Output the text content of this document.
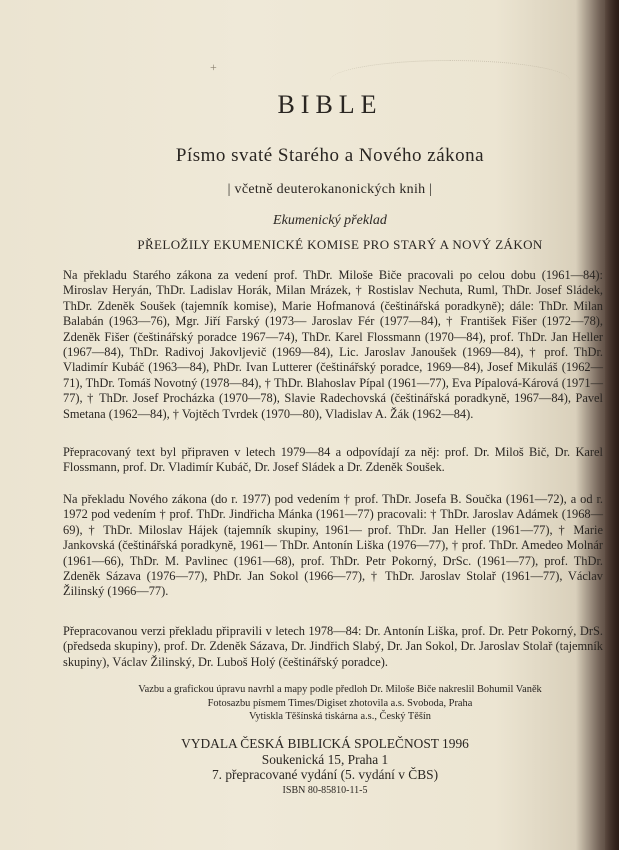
+
BIBLE
Písmo svaté Starého a Nového zákona
| včetně deuterokanonických knih |
Ekumenický překlad
PŘELOŽILY EKUMENICKÉ KOMISE PRO STARÝ A NOVÝ ZÁKON
Na překladu Starého zákona za vedení prof. ThDr. Miloše Biče pracovali po celou dobu (1961—84): Miroslav Heryán, ThDr. Ladislav Horák, Milan Mrázek, † Rostislav Nechuta, Ruml, ThDr. Josef Sládek, ThDr. Zdeněk Soušek (tajemník komise), Marie Hofmanová (češtinářská poradkyně); dále: ThDr. Milan Balabán (1963—76), Mgr. Jiří Farský (1973— Jaroslav Fér (1977—84), † František Fišer (1972—78), Zdeněk Fišer (češtinářský poradce 1967—74), ThDr. Karel Flossmann (1970—84), prof. ThDr. Jan Heller (1967—84), ThDr. Radivoj Jakovljevič (1969—84), Lic. Jaroslav Janoušek (1969—84), † prof. ThDr. Vladimír Kubáč (1963—84), PhDr. Ivan Lutterer (češtinářský poradce, 1969—84), Josef Mikuláš (1962—71), ThDr. Tomáš Novotný (1978—84), † ThDr. Blahoslav Pípal (1961—77), Eva Pípalová-Kárová (1971—77), † ThDr. Josef Procházka (1970—78), Slavie Radechovská (češtinářská poradkyně, 1967—84), Pavel Smetana (1962—84), † Vojtěch Tvrdek (1970—80), Vladislav A. Žák (1962—84).
Přepracovaný text byl připraven v letech 1979—84 a odpovídají za něj: prof. Dr. Miloš Bič, Dr. Karel Flossmann, prof. Dr. Vladimír Kubáč, Dr. Josef Sládek a Dr. Zdeněk Soušek.
Na překladu Nového zákona (do r. 1977) pod vedením † prof. ThDr. Josefa B. Součka (1961—72), a od r. 1972 pod vedením † prof. ThDr. Jindřicha Mánka (1961—77) pracovali: † ThDr. Jaroslav Adámek (1968—69), † ThDr. Miloslav Hájek (tajemník skupiny, 1961— prof. ThDr. Jan Heller (1961—77), † Marie Jankovská (češtinářská poradkyně, 1961— ThDr. Antonín Liška (1976—77), † prof. ThDr. Amedeo Molnár (1961—66), ThDr. M. Pavlinec (1961—68), prof. ThDr. Petr Pokorný, DrSc. (1961—77), prof. ThDr. Zdeněk Sázava (1976—77), PhDr. Jan Sokol (1966—77), † ThDr. Jaroslav Stolař (1961—77), Václav Žilinský (1966—77).
Přepracovanou verzi překladu připravili v letech 1978—84: Dr. Antonín Liška, prof. Dr. Petr Pokorný, DrS. (předseda skupiny), prof. Dr. Zdeněk Sázava, Dr. Jindřich Slabý, Dr. Jan Sokol, Dr. Jaroslav Stolař (tajemník skupiny), Václav Žilinský, Dr. Luboš Holý (češtinářský poradce).
Vazbu a grafickou úpravu navrhl a mapy podle předloh Dr. Miloše Biče nakreslil Bohumil Vaněk
Fotosazbu písmem Times/Digiset zhotovila a.s. Svoboda, Praha
Vytiskla Těšínská tiskárna a.s., Český Těšín
VYDALA ČESKÁ BIBLICKÁ SPOLEČNOST 1996
Soukenická 15, Praha 1
7. přepracované vydání (5. vydání v ČBS)
ISBN 80-85810-11-5
